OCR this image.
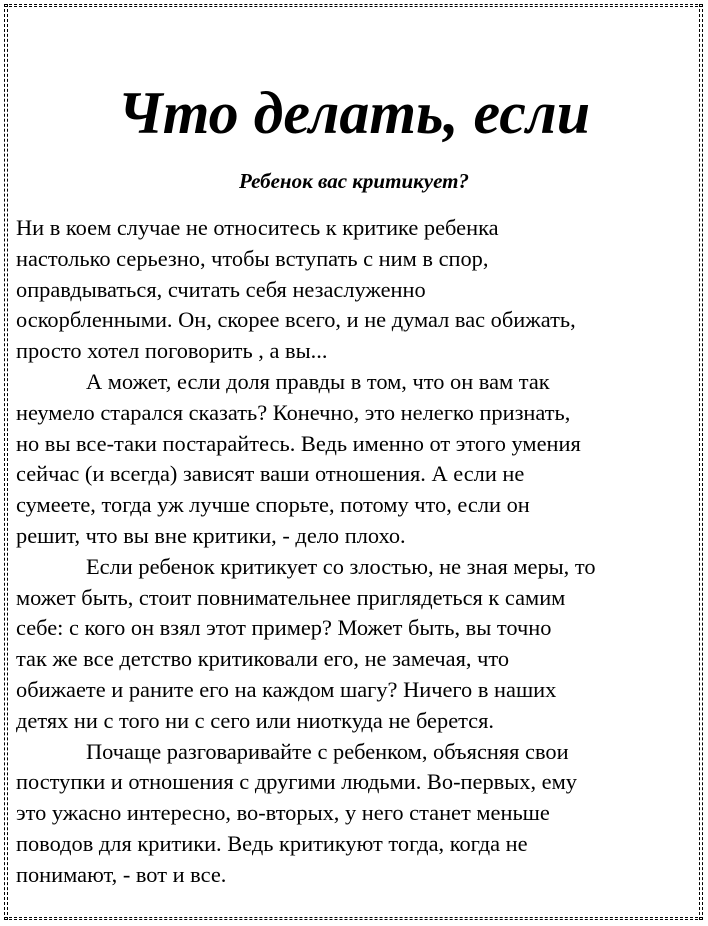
Что делать, если
Ребенок вас критикует?
Ни в коем случае не относитесь к критике ребенка
настолько серьезно, чтобы вступать с ним в спор,
оправдываться, считать себя незаслуженно
оскорбленными. Он, скорее всего, и не думал вас обижать,
просто хотел поговорить , а вы...
А может, если доля правды в том, что он вам так
неумело старался сказать? Конечно, это нелегко признать,
но вы все-таки постарайтесь. Ведь именно от этого умения
сейчас (и всегда) зависят ваши отношения. А если не
сумеете, тогда уж лучше спорьте, потому что, если он
решит, что вы вне критики, - дело плохо.
Если ребенок критикует со злостью, не зная меры, то
может быть, стоит повнимательнее приглядеться к самим
себе: с кого он взял этот пример? Может быть, вы точно
так же все детство критиковали его, не замечая, что
обижаете и раните его на каждом шагу? Ничего в наших
детях ни с того ни с сего или ниоткуда не берется.
Почаще разговаривайте с ребенком, объясняя свои
поступки и отношения с другими людьми. Во-первых, ему
это ужасно интересно, во-вторых, у него станет меньше
поводов для критики. Ведь критикуют тогда, когда не
понимают, - вот и все.
